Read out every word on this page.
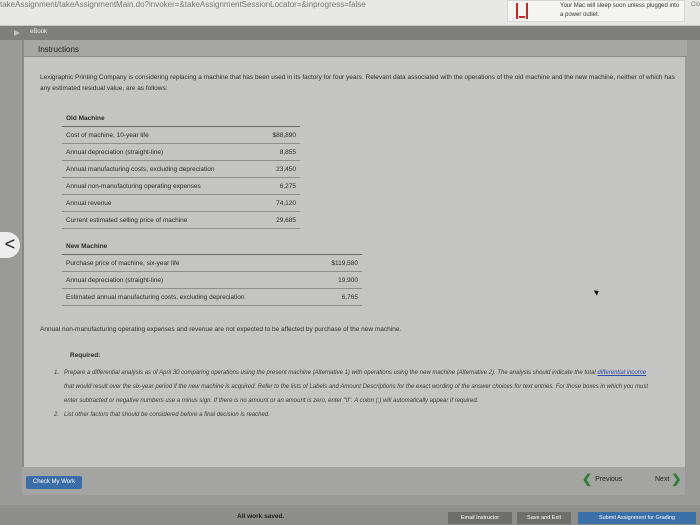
takeAssignment/takeAssignmentMain.do?invoker=&takeAssignmentSessionLocator=&inprogress=false	Your Mac will sleep soon unless plugged into a power outlet.
Clo
eBook
<
Instructions
Lexigraphic Printing Company is considering replacing a machine that has been used in its factory for four years. Relevant data associated with the operations of the old machine and the new machine, neither of which has any estimated residual value, are as follows:
Old Machine
Cost of machine, 10-year life	$88,890
Annual depreciation (straight-line)	8,855
Annual manufacturing costs, excluding depreciation	23,450
Annual non-manufacturing operating expenses	6,275
Annual revenue	74,120
Current estimated selling price of machine	29,685
New Machine
Purchase price of machine, six-year life	$119,580
Annual depreciation (straight-line)	19,900
Estimated annual manufacturing costs, excluding depreciation	6,765
Annual non-manufacturing operating expenses and revenue are not expected to be affected by purchase of the new machine.
Required:
1. Prepare a differential analysis as of April 30 comparing operations using the present machine (Alternative 1) with operations using the new machine (Alternative 2). The analysis should indicate the total differential income that would result over the six-year period if the new machine is acquired. Refer to the lists of Labels and Amount Descriptions for the exact wording of the answer choices for text entries. For those boxes in which you must enter subtracted or negative numbers use a minus sign. If there is no amount or an amount is zero, enter "0". A colon (:) will automatically appear if required.
2. List other factors that should be considered before a final decision is reached.
Check My Work	❮ Previous	Next ❯
All work saved.	Email Instructor	Save and Exit	Submit Assignment for Grading
